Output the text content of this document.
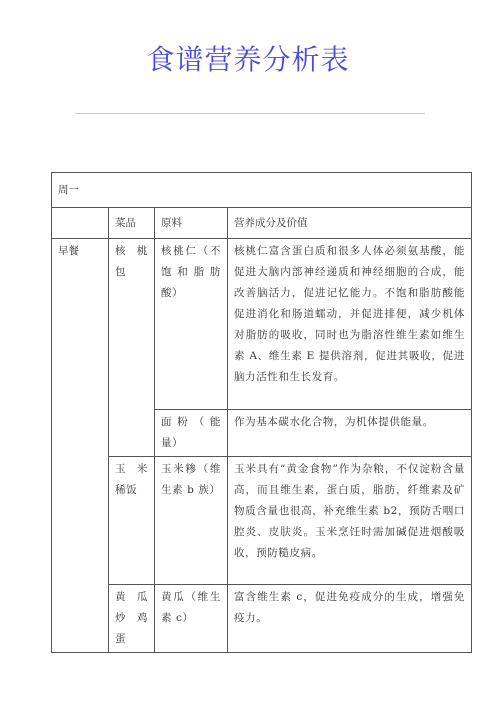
食谱营养分析表
周一			
	菜品	原料	营养成分及价值
早餐	核桃包	核桃仁（不饱和脂肪酸）	核桃仁富含蛋白质和很多人体必须氨基酸，能促进大脑内部神经递质和神经细胞的合成，能改善脑活力，促进记忆能力。不饱和脂肪酸能促进消化和肠道蠕动，并促进排便，减少机体对脂肪的吸收，同时也为脂溶性维生素如维生素 A、维生素 E 提供溶剂，促进其吸收，促进脑力活性和生长发育。
		面粉（能量）	作为基本碳水化合物，为机体提供能量。
	玉米稀饭	玉米糁（维生素 b 族）	玉米具有“黄金食物”作为杂粮，不仅淀粉含量高，而且维生素，蛋白质，脂肪，纤维素及矿物质含量也很高，补充维生素 b2，预防舌咽口腔炎、皮肤炎。玉米烹饪时需加碱促进烟酸吸收，预防糙皮病。
	黄瓜炒鸡蛋	黄瓜（维生素 c）	富含维生素 c，促进免疫成分的生成，增强免疫力。
